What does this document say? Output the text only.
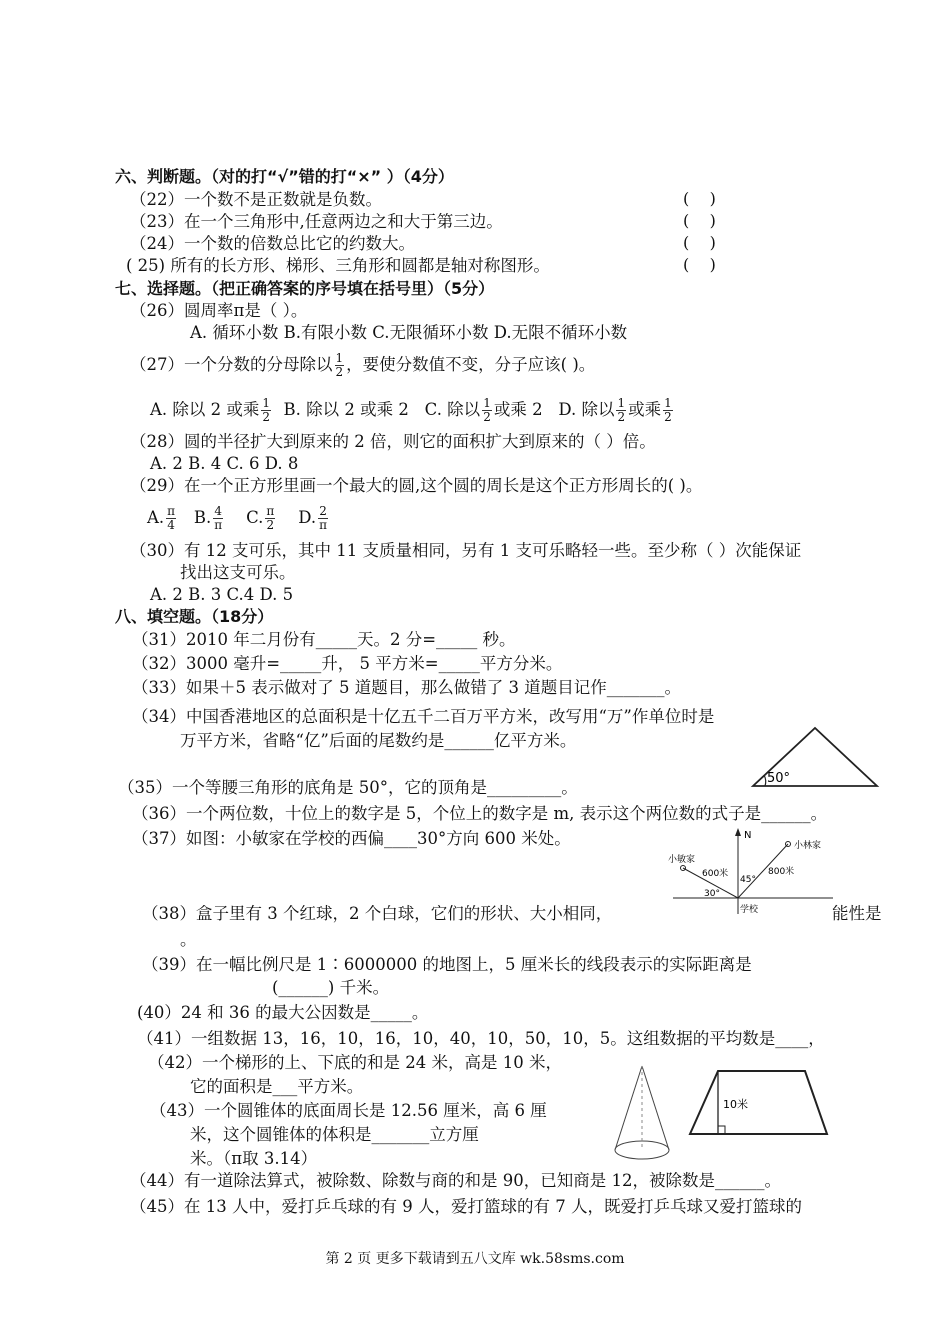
六、判断题。（对的打“√”错的打“×” ）（4分）
（22）一个数不是正数就是负数。	(    )
（23）在一个三角形中,任意两边之和大于第三边。	(    )
（24）一个数的倍数总比它的约数大。	(    )
( 25) 所有的长方形、梯形、三角形和圆都是轴对称图形。	(    )
七、选择题。（把正确答案的序号填在括号里）（5分）
（26）圆周率π是（ ）。
A. 循环小数 B.有限小数 C.无限循环小数 D.无限不循环小数
（27）一个分数的分母除以 $\frac{1}{2}$ ，要使分数值不变，分子应该( )。
A. 除以 2 或乘 $\frac{1}{2} B$. 除以 2 或乘 2 C. 除以 $\frac{1}{2}$ 或乘 2 D. 除以 $\frac{1}{2}$ 或乘 $\frac{1}{2}$
（28）圆的半径扩大到原来的 2 倍，则它的面积扩大到原来的（ ）倍。
A. 2 B. 4 C. 6 D. 8
（29）在一个正方形里画一个最大的圆,这个圆的周长是这个正方形周长的( )。
A. $\frac{\pi}{4} B$. $\frac{4}{\pi} C$. $\frac{\pi}{2} D$. $\frac{2}{\pi}$
（30）有 12 支可乐，其中 11 支质量相同，另有 1 支可乐略轻一些。至少称（ ）次能保证
找出这支可乐。
A. 2 B. 3 C.4 D. 5
八、填空题。（18分）
（31）2010 年二月份有_____天。2 分=_____ 秒。
（32）3000 毫升=_____升， 5 平方米=_____平方分米。
（33）如果＋5 表示做对了 5 道题目，那么做错了 3 道题目记作_______。
（34）中国香港地区的总面积是十亿五千二百万平方米，改写用“万”作单位时是
万平方米，省略“亿”后面的尾数约是______亿平方米。
50°
（35）一个等腰三角形的底角是 50°，它的顶角是_________。
（36）一个两位数，十位上的数字是 5，个位上的数字是 m, 表示这个两位数的式子是______。
（37）如图：小敏家在学校的西偏____30°方向 600 米处。	N
小敏家
小林家
600米	800米
45°
30°
学校
（38）盒子里有 3 个红球，2 个白球，它们的形状、大小相同，	能性是
。
（39）在一幅比例尺是 1∶6000000 的地图上，5 厘米长的线段表示的实际距离是
(______) 千米。
(40）24 和 36 的最大公因数是_____。
（41）一组数据 13，16，10，16，10，40，10，50，10，5。这组数据的平均数是____，
（42）一个梯形的上、下底的和是 24 米，高是 10 米，
它的面积是___平方米。
（43）一个圆锥体的底面周长是 12.56 厘米，高 6 厘
米，这个圆锥体的体积是_______立方厘
米。（π取 3.14）
10米
（44）有一道除法算式，被除数、除数与商的和是 90，已知商是 12，被除数是______。
（45）在 13 人中，爱打乒乓球的有 9 人，爱打篮球的有 7 人，既爱打乒乓球又爱打篮球的
第 2 页 更多下载请到五八文库 wk.58sms.com
